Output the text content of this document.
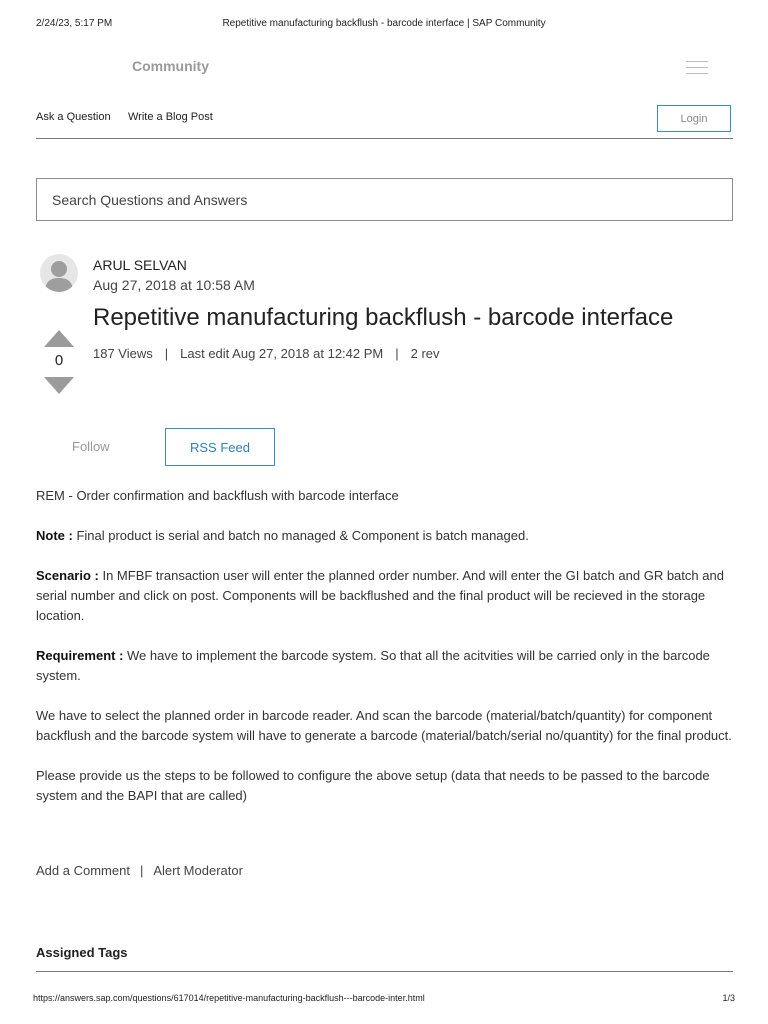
2/24/23, 5:17 PM	Repetitive manufacturing backflush - barcode interface | SAP Community
Community
Ask a Question Write a Blog Post	Login
Search Questions and Answers
ARUL SELVAN
Aug 27, 2018 at 10:58 AM
Repetitive manufacturing backflush - barcode interface
0	187 Views | Last edit Aug 27, 2018 at 12:42 PM | 2 rev
Follow	RSS Feed

REM - Order confirmation and backflush with barcode interface

Note : Final product is serial and batch no managed & Component is batch managed.

Scenario : In MFBF transaction user will enter the planned order number. And will enter the GI batch and GR batch and serial number and click on post. Components will be backflushed and the final product will be recieved in the storage location.

Requirement : We have to implement the barcode system. So that all the acitvities will be carried only in the barcode system.

We have to select the planned order in barcode reader. And scan the barcode (material/batch/quantity) for component backflush and the barcode system will have to generate a barcode (material/batch/serial no/quantity) for the final product.

Please provide us the steps to be followed to configure the above setup (data that needs to be passed to the barcode system and the BAPI that are called)

Add a Comment | Alert Moderator
Assigned Tags
https://answers.sap.com/questions/617014/repetitive-manufacturing-backflush---barcode-inter.html	1/3
